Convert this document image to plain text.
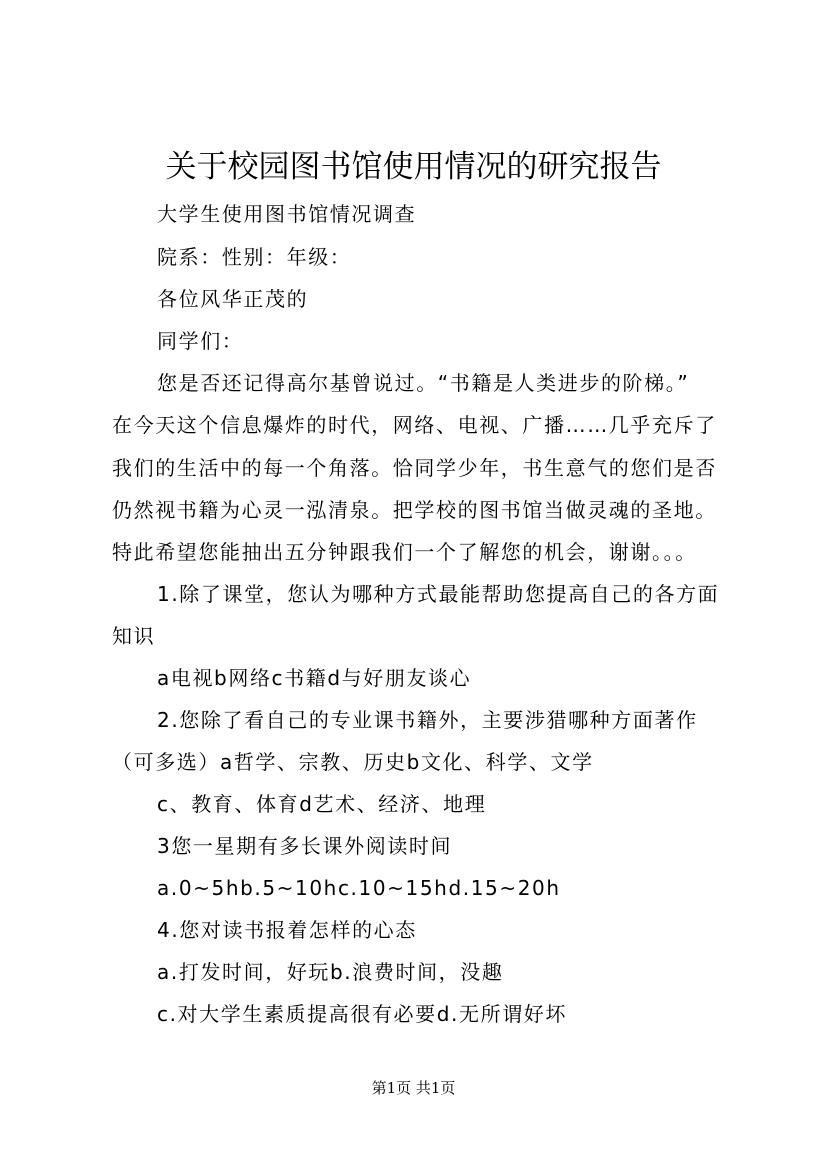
关于校园图书馆使用情况的研究报告
大学生使用图书馆情况调查
院系：性别：年级：
各位风华正茂的
同学们：
您是否还记得高尔基曾说过。“书籍是人类进步的阶梯。”
在今天这个信息爆炸的时代，网络、电视、广播……几乎充斥了
我们的生活中的每一个角落。恰同学少年，书生意气的您们是否
仍然视书籍为心灵一泓清泉。把学校的图书馆当做灵魂的圣地。
特此希望您能抽出五分钟跟我们一个了解您的机会，谢谢。。。
1.除了课堂，您认为哪种方式最能帮助您提高自己的各方面
知识
a电视b网络c书籍d与好朋友谈心
2.您除了看自己的专业课书籍外，主要涉猎哪种方面著作
（可多选）a哲学、宗教、历史b文化、科学、文学
c、教育、体育d艺术、经济、地理
3您一星期有多长课外阅读时间
a.0~5hb.5~10hc.10~15hd.15~20h
4.您对读书报着怎样的心态
a.打发时间，好玩b.浪费时间，没趣
c.对大学生素质提高很有必要d.无所谓好坏
第1页 共1页
